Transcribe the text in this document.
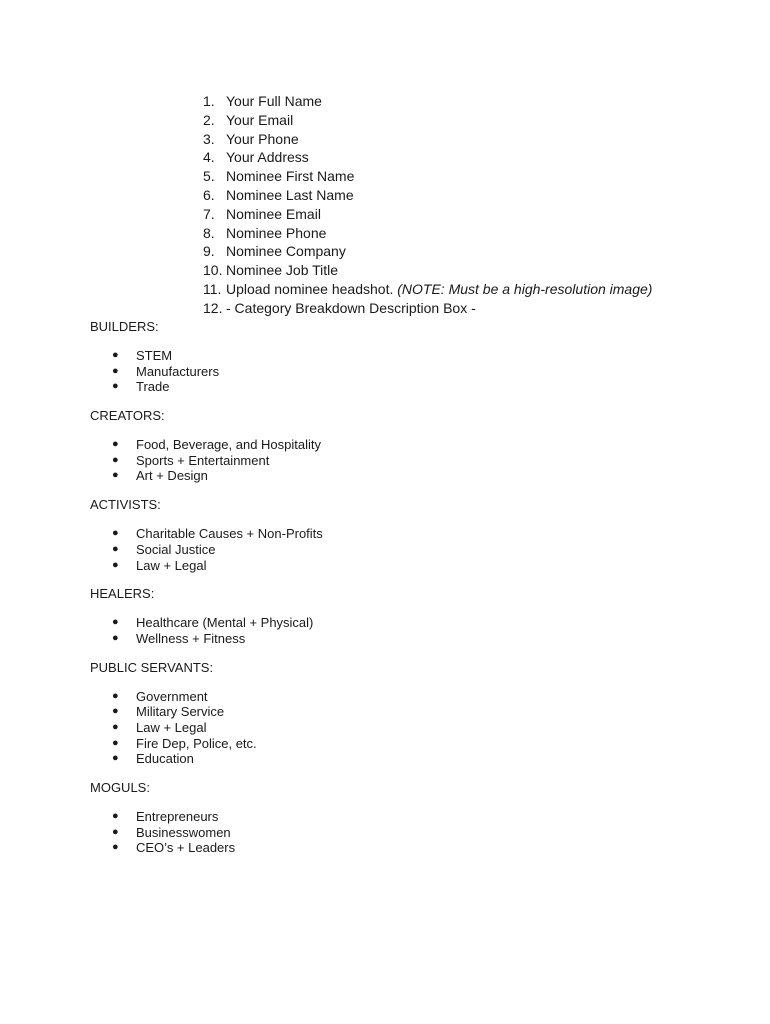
1. Your Full Name
2. Your Email
3. Your Phone
4. Your Address
5. Nominee First Name
6. Nominee Last Name
7. Nominee Email
8. Nominee Phone
9. Nominee Company
10. Nominee Job Title
11. Upload nominee headshot. (NOTE: Must be a high-resolution image)
12. - Category Breakdown Description Box -
BUILDERS:
● STEM
● Manufacturers
● Trade
CREATORS:
● Food, Beverage, and Hospitality
● Sports + Entertainment
● Art + Design
ACTIVISTS:
● Charitable Causes + Non-Profits
● Social Justice
● Law + Legal
HEALERS:
● Healthcare (Mental + Physical)
● Wellness + Fitness
PUBLIC SERVANTS:
● Government
● Military Service
● Law + Legal
● Fire Dep, Police, etc.
● Education
MOGULS:
● Entrepreneurs
● Businesswomen
● CEO’s + Leaders
